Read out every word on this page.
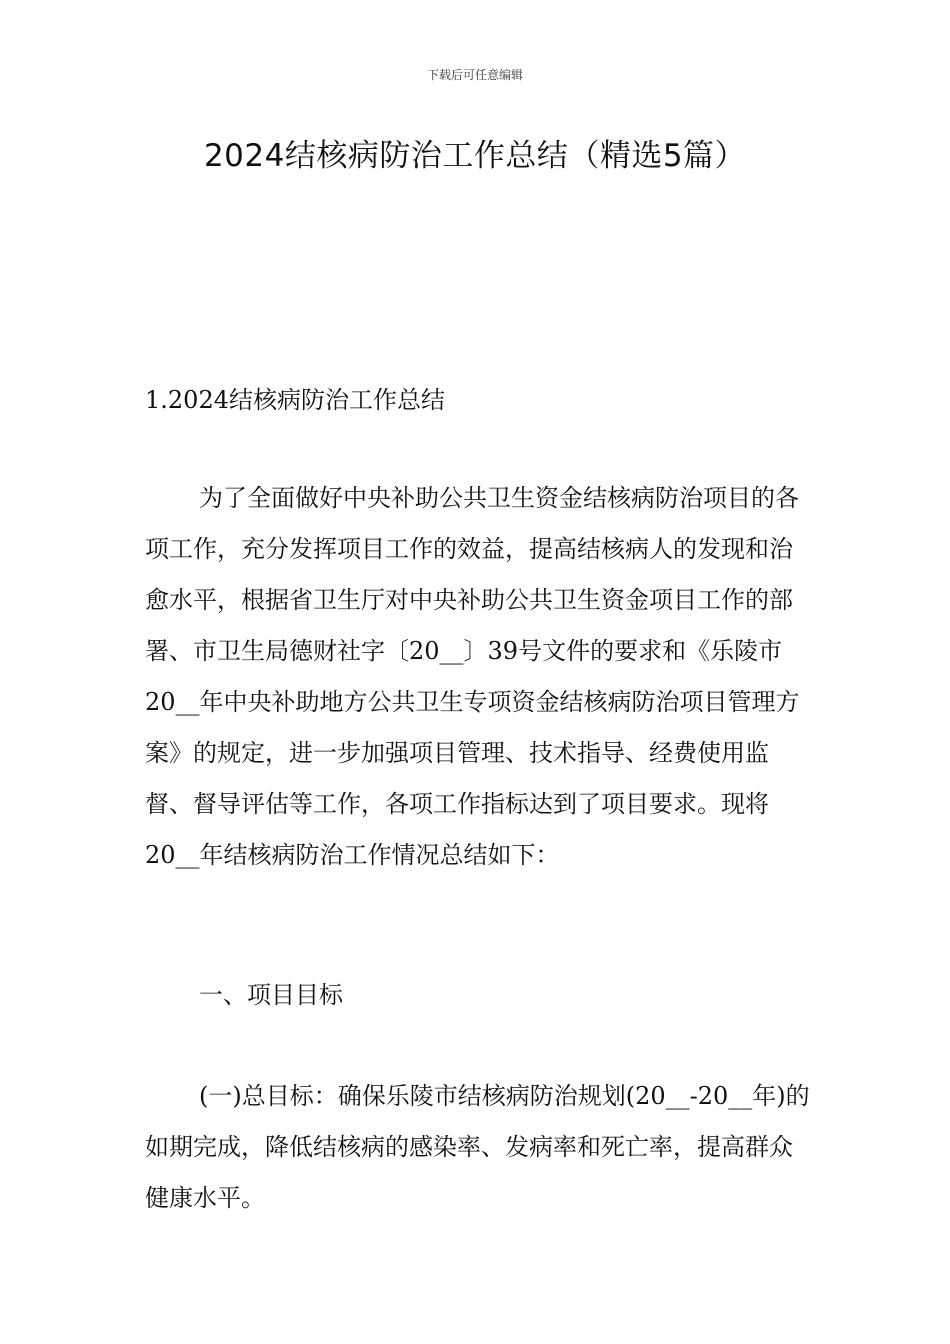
下载后可任意编辑
2024结核病防治工作总结（精选5篇）

1.2024结核病防治工作总结

为了全面做好中央补助公共卫生资金结核病防治项目的各项工作，充分发挥项目工作的效益，提高结核病人的发现和治愈水平，根据省卫生厅对中央补助公共卫生资金项目工作的部署、市卫生局德财社字〔20__〕39号文件的要求和《乐陵市20__年中央补助地方公共卫生专项资金结核病防治项目管理方案》的规定，进一步加强项目管理、技术指导、经费使用监督、督导评估等工作，各项工作指标达到了项目要求。现将20__年结核病防治工作情况总结如下：

一、项目目标

(一)总目标：确保乐陵市结核病防治规划(20__-20__年)的如期完成，降低结核病的感染率、发病率和死亡率，提高群众健康水平。
